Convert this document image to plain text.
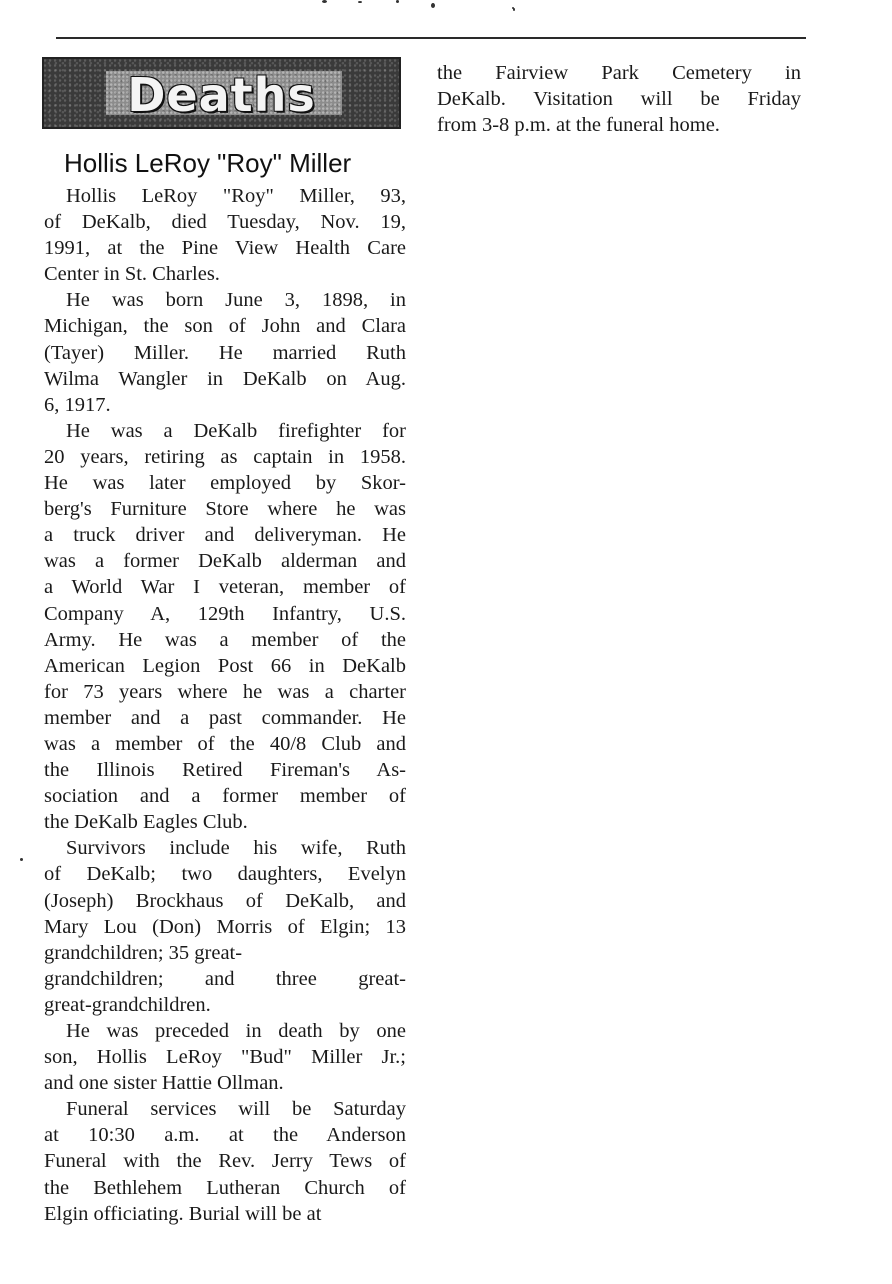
Deaths
Hollis LeRoy "Roy" Miller
Hollis LeRoy "Roy" Miller, 93,
of DeKalb, died Tuesday, Nov. 19,
1991, at the Pine View Health Care
Center in St. Charles.
He was born June 3, 1898, in
Michigan, the son of John and Clara
(Tayer) Miller. He married Ruth
Wilma Wangler in DeKalb on Aug.
6, 1917.
He was a DeKalb firefighter for
20 years, retiring as captain in 1958.
He was later employed by Skor-
berg's Furniture Store where he was
a truck driver and deliveryman. He
was a former DeKalb alderman and
a World War I veteran, member of
Company A, 129th Infantry, U.S.
Army. He was a member of the
American Legion Post 66 in DeKalb
for 73 years where he was a charter
member and a past commander. He
was a member of the 40/8 Club and
the Illinois Retired Fireman's As-
sociation and a former member of
the DeKalb Eagles Club.
Survivors include his wife, Ruth
of DeKalb; two daughters, Evelyn
(Joseph) Brockhaus of DeKalb, and
Mary Lou (Don) Morris of Elgin; 13
grandchildren; 35 great-
grandchildren; and three great-
great-grandchildren.
He was preceded in death by one
son, Hollis LeRoy "Bud" Miller Jr.;
and one sister Hattie Ollman.
Funeral services will be Saturday
at 10:30 a.m. at the Anderson
Funeral with the Rev. Jerry Tews of
the Bethlehem Lutheran Church of
Elgin officiating. Burial will be at
the Fairview Park Cemetery in
DeKalb. Visitation will be Friday
from 3-8 p.m. at the funeral home.
